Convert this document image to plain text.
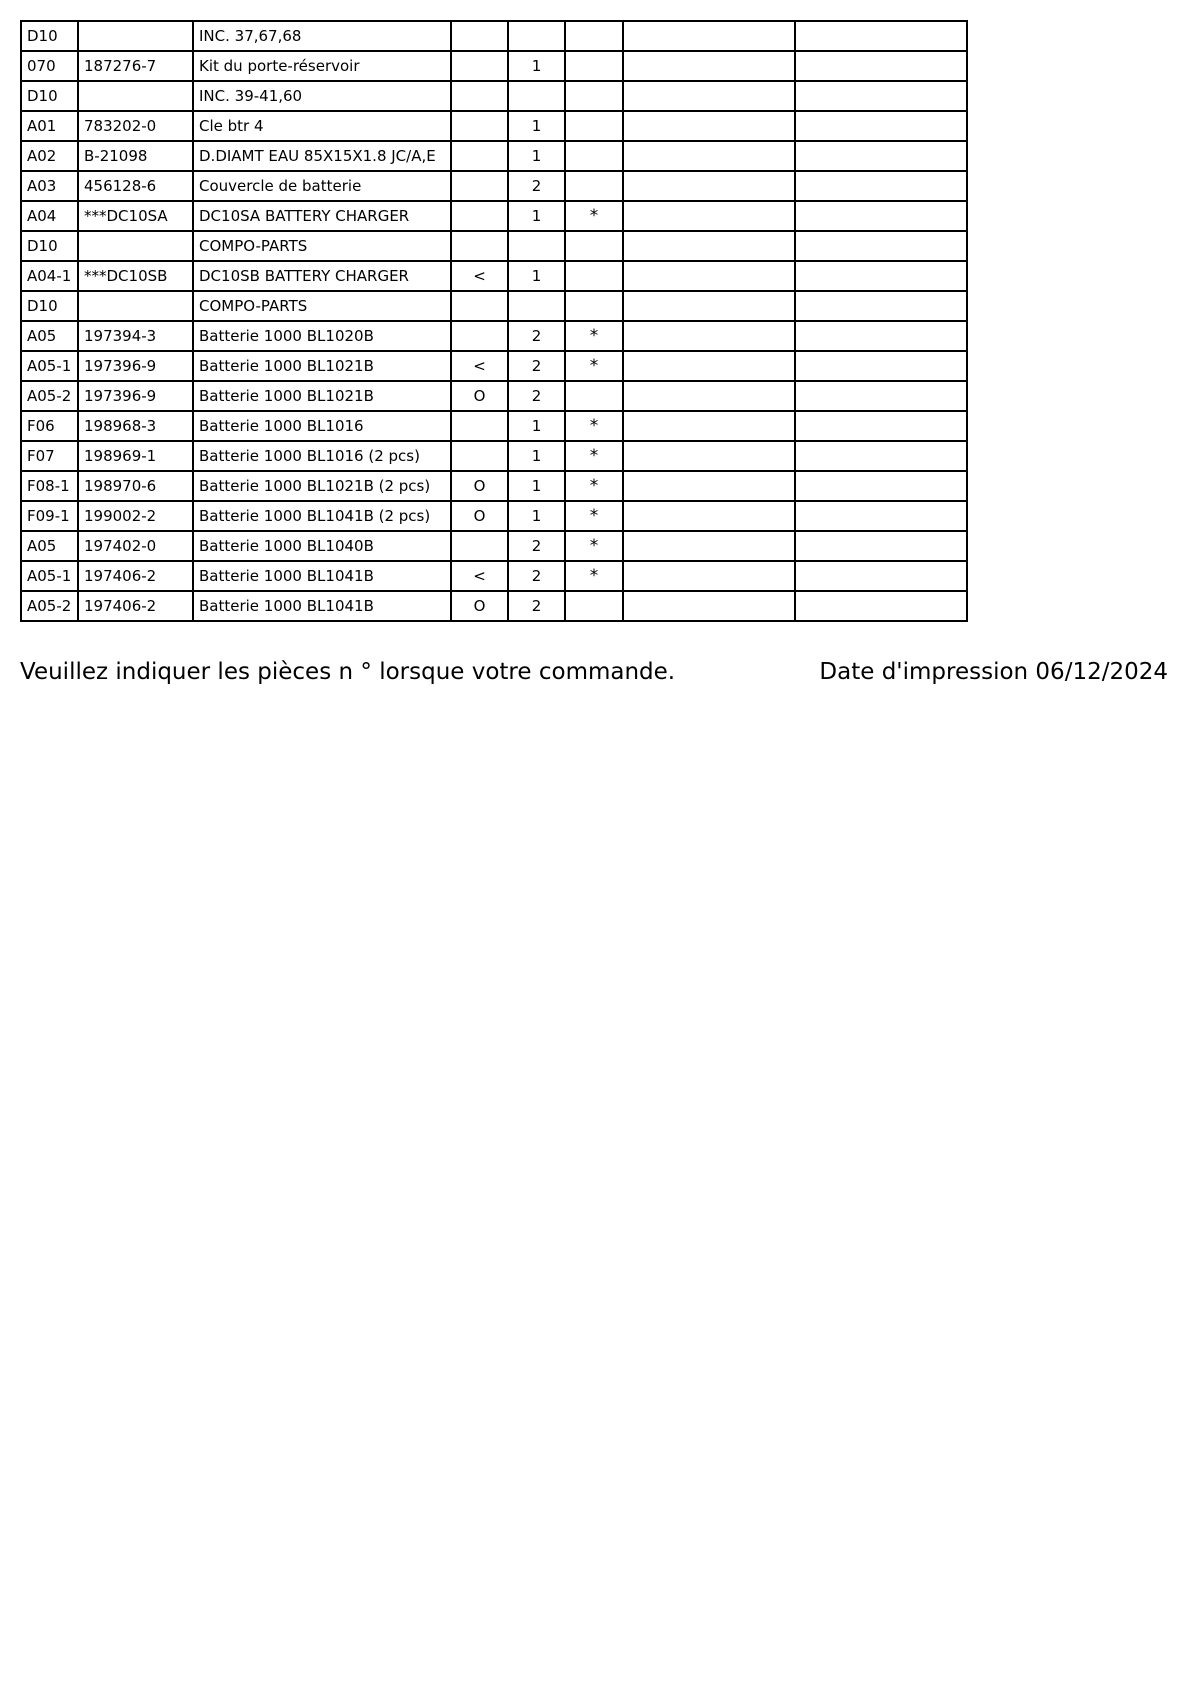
D10		INC. 37,67,68					
070	187276-7	Kit du porte-réservoir		1			
D10		INC. 39-41,60					
A01	783202-0	Cle btr 4		1			
A02	B-21098	D.DIAMT EAU 85X15X1.8 JC/A,E		1			
A03	456128-6	Couvercle de batterie		2			
A04	***DC10SA	DC10SA BATTERY CHARGER		1	*		
D10		COMPO-PARTS					
A04-1	***DC10SB	DC10SB BATTERY CHARGER	<	1			
D10		COMPO-PARTS					
A05	197394-3	Batterie 1000 BL1020B		2	*		
A05-1	197396-9	Batterie 1000 BL1021B	<	2	*		
A05-2	197396-9	Batterie 1000 BL1021B	O	2			
F06	198968-3	Batterie 1000 BL1016		1	*		
F07	198969-1	Batterie 1000 BL1016 (2 pcs)		1	*		
F08-1	198970-6	Batterie 1000 BL1021B (2 pcs)	O	1	*		
F09-1	199002-2	Batterie 1000 BL1041B (2 pcs)	O	1	*		
A05	197402-0	Batterie 1000 BL1040B		2	*		
A05-1	197406-2	Batterie 1000 BL1041B	<	2	*		
A05-2	197406-2	Batterie 1000 BL1041B	O	2			
Veuillez indiquer les pièces n ° lorsque votre commande.	Date d'impression 06/12/2024
